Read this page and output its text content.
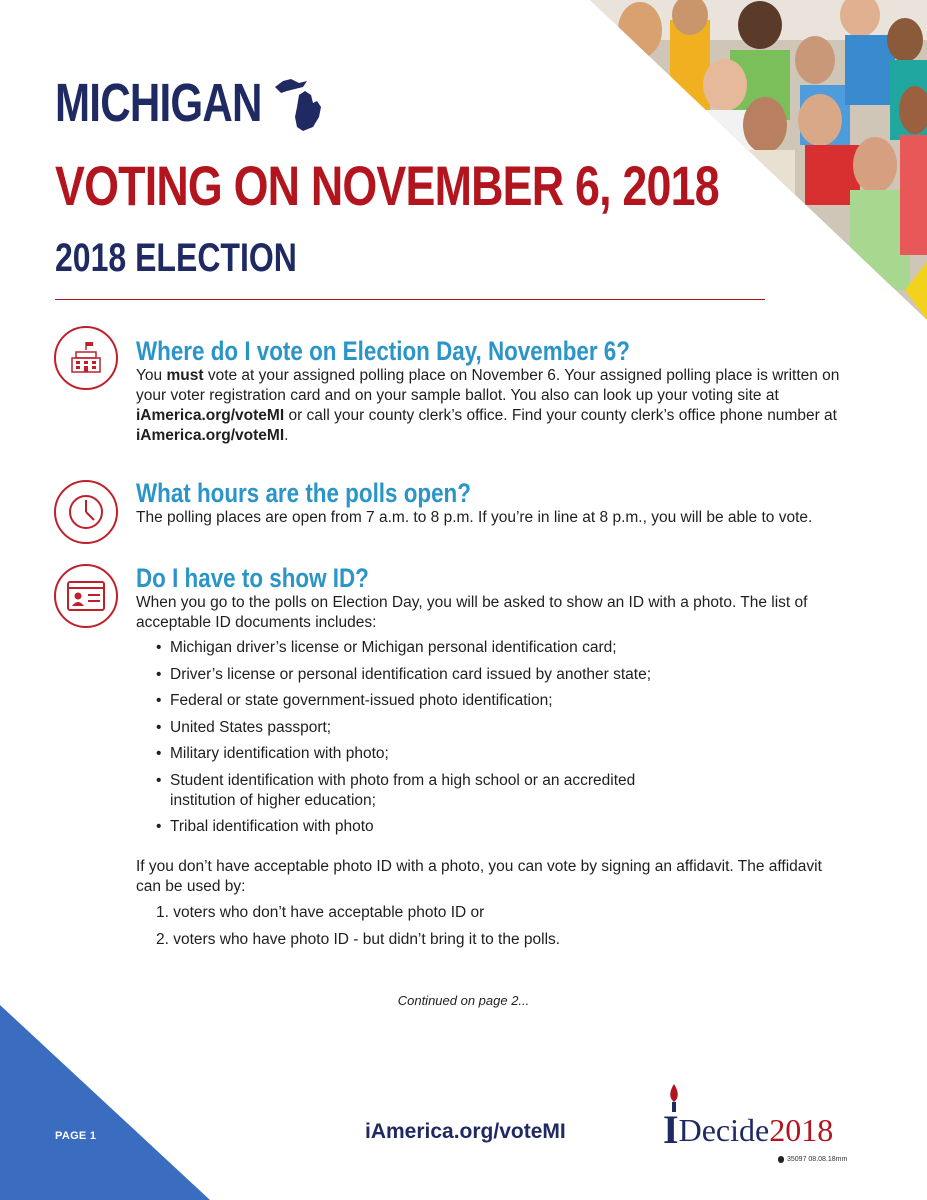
MICHIGAN
VOTING ON NOVEMBER 6, 2018
2018 ELECTION
Where do I vote on Election Day, November 6?
You must vote at your assigned polling place on November 6. Your assigned polling place is written on your voter registration card and on your sample ballot. You also can look up your voting site at iAmerica.org/voteMI or call your county clerk’s office. Find your county clerk’s office phone number at iAmerica.org/voteMI.
What hours are the polls open?
The polling places are open from 7 a.m. to 8 p.m. If you’re in line at 8 p.m., you will be able to vote.
Do I have to show ID?
When you go to the polls on Election Day, you will be asked to show an ID with a photo. The list of acceptable ID documents includes:
• Michigan driver’s license or Michigan personal identification card;
• Driver’s license or personal identification card issued by another state;
• Federal or state government-issued photo identification;
• United States passport;
• Military identification with photo;
• Student identification with photo from a high school or an accredited institution of higher education;
• Tribal identification with photo
If you don’t have acceptable photo ID with a photo, you can vote by signing an affidavit. The affidavit can be used by:
1. voters who don’t have acceptable photo ID or
2. voters who have photo ID - but didn’t bring it to the polls.
Continued on page 2...
PAGE 1	iAmerica.org/voteMI I Decide 2018
35097 08.08.18mm
